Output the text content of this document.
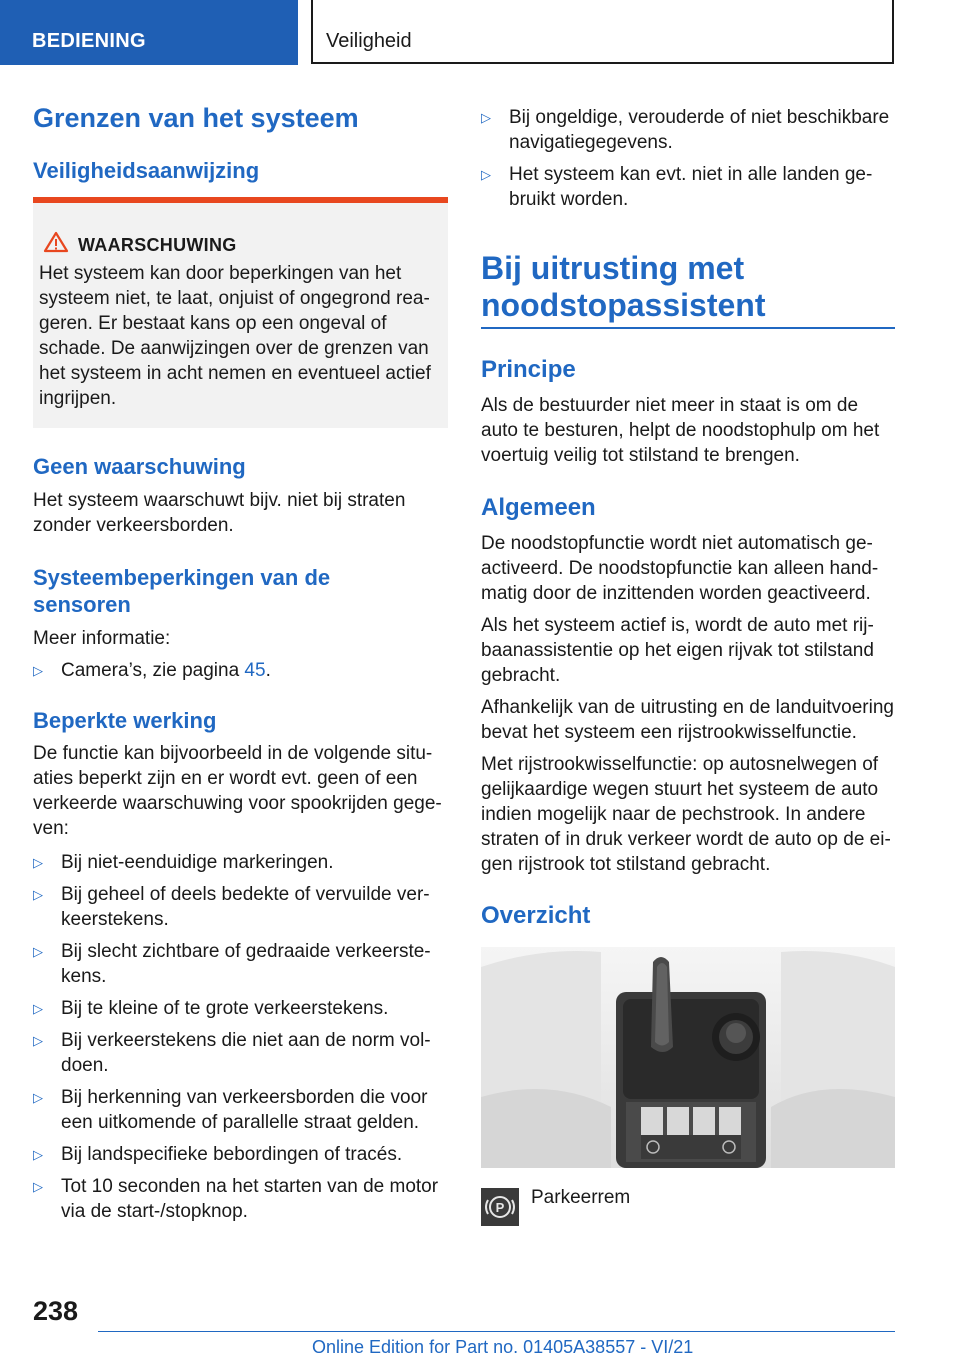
BEDIENING	Veiligheid
Grenzen van het systeem
Veiligheidsaanwijzing
WAARSCHUWING
Het systeem kan door beperkingen van het
systeem niet, te laat, onjuist of ongegrond rea-
geren. Er bestaat kans op een ongeval of
schade. De aanwijzingen over de grenzen van
het systeem in acht nemen en eventueel actief
ingrijpen.
Geen waarschuwing

Het systeem waarschuwt bijv. niet bij straten
zonder verkeersborden.

Systeembeperkingen van de
sensoren

Meer informatie:

▷ Camera’s, zie pagina 45.
Beperkte werking

De functie kan bijvoorbeeld in de volgende situ-
aties beperkt zijn en er wordt evt. geen of een
verkeerde waarschuwing voor spookrijden gege-
ven:

▷ Bij niet-eenduidige markeringen.
▷ Bij geheel of deels bedekte of vervuilde ver-
keerstekens.
▷ Bij slecht zichtbare of gedraaide verkeerste-
kens.
▷ Bij te kleine of te grote verkeerstekens.
▷ Bij verkeerstekens die niet aan de norm vol-
doen.
▷ Bij herkenning van verkeersborden die voor
een uitkomende of parallelle straat gelden.
▷ Bij landspecifieke bebordingen of tracés.
▷ Tot 10 seconden na het starten van de motor
via de start-/stopknop.
▷ Bij ongeldige, verouderde of niet beschikbare
navigatiegegevens.
▷ Het systeem kan evt. niet in alle landen ge-
bruikt worden.
Bij uitrusting met
noodstopassistent
Principe

Als de bestuurder niet meer in staat is om de
auto te besturen, helpt de noodstophulp om het
voertuig veilig tot stilstand te brengen.

Algemeen

De noodstopfunctie wordt niet automatisch ge-
activeerd. De noodstopfunctie kan alleen hand-
matig door de inzittenden worden geactiveerd.

Als het systeem actief is, wordt de auto met rij-
baanassistentie op het eigen rijvak tot stilstand
gebracht.

Afhankelijk van de uitrusting en de landuitvoering
bevat het systeem een rijstrookwisselfunctie.

Met rijstrookwisselfunctie: op autosnelwegen of
gelijkaardige wegen stuurt het systeem de auto
indien mogelijk naar de pechstrook. In andere
straten of in druk verkeer wordt de auto op de ei-
gen rijstrook tot stilstand gebracht.

Overzicht
P Parkeerrem

238
Online Edition for Part no. 01405A38557 - VI/21
